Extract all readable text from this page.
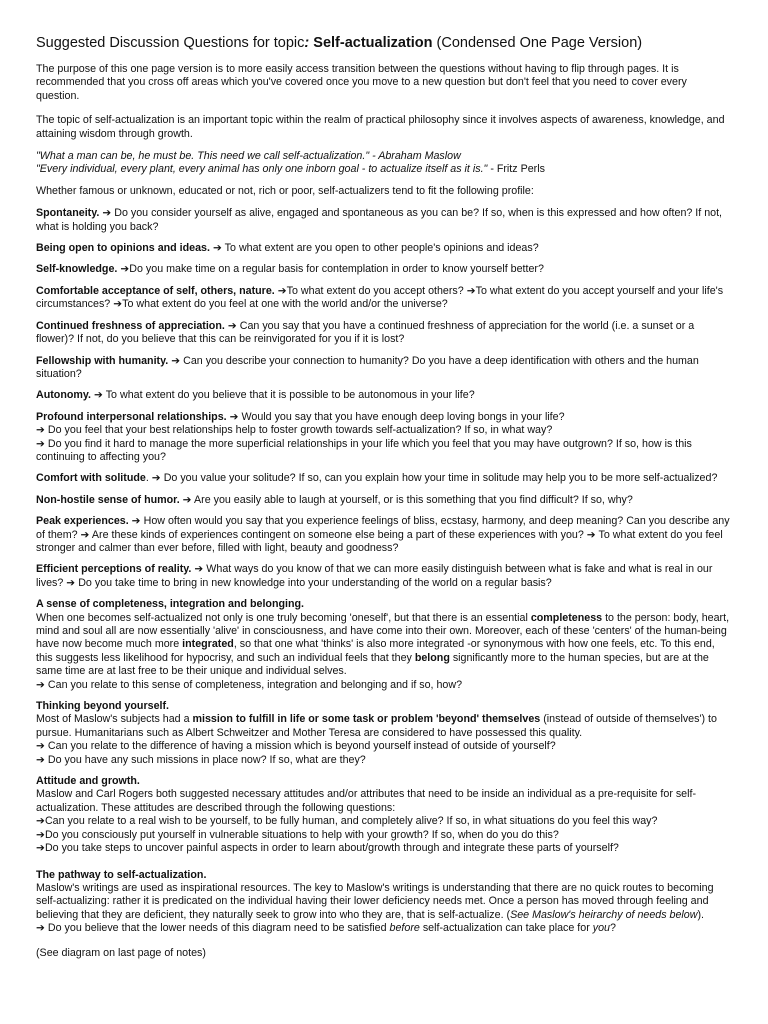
Suggested Discussion Questions for topic: Self-actualization (Condensed One Page Version)

The purpose of this one page version is to more easily access transition between the questions without having to flip through pages. It is recommended that you cross off areas which you've covered once you move to a new question but don't feel that you need to cover every question.

The topic of self-actualization is an important topic within the realm of practical philosophy since it involves aspects of awareness, knowledge, and attaining wisdom through growth.

"What a man can be, he must be. This need we call self-actualization." - Abraham Maslow

"Every individual, every plant, every animal has only one inborn goal - to actualize itself as it is." - Fritz Perls

Whether famous or unknown, educated or not, rich or poor, self-actualizers tend to fit the following profile:

Spontaneity. ➔ Do you consider yourself as alive, engaged and spontaneous as you can be? If so, when is this expressed and how often? If not, what is holding you back?

Being open to opinions and ideas. ➔ To what extent are you open to other people's opinions and ideas?

Self-knowledge. ➔Do you make time on a regular basis for contemplation in order to know yourself better?

Comfortable acceptance of self, others, nature. ➔To what extent do you accept others? ➔To what extent do you accept yourself and your life's circumstances? ➔To what extent do you feel at one with the world and/or the universe?

Continued freshness of appreciation. ➔ Can you say that you have a continued freshness of appreciation for the world (i.e. a sunset or a flower)? If not, do you believe that this can be reinvigorated for you if it is lost?

Fellowship with humanity. ➔ Can you describe your connection to humanity? Do you have a deep identification with others and the human situation?

Autonomy. ➔ To what extent do you believe that it is possible to be autonomous in your life?

Profound interpersonal relationships. ➔ Would you say that you have enough deep loving bongs in your life?
➔ Do you feel that your best relationships help to foster growth towards self-actualization? If so, in what way?
➔ Do you find it hard to manage the more superficial relationships in your life which you feel that you may have outgrown? If so, how is this continuing to affecting you?

Comfort with solitude. ➔ Do you value your solitude? If so, can you explain how your time in solitude may help you to be more self-actualized?

Non-hostile sense of humor. ➔ Are you easily able to laugh at yourself, or is this something that you find difficult? If so, why?

Peak experiences. ➔ How often would you say that you experience feelings of bliss, ecstasy, harmony, and deep meaning? Can you describe any of them? ➔ Are these kinds of experiences contingent on someone else being a part of these experiences with you? ➔ To what extent do you feel stronger and calmer than ever before, filled with light, beauty and goodness?

Efficient perceptions of reality. ➔ What ways do you know of that we can more easily distinguish between what is fake and what is real in our lives? ➔ Do you take time to bring in new knowledge into your understanding of the world on a regular basis?

A sense of completeness, integration and belonging.
When one becomes self-actualized not only is one truly becoming 'oneself', but that there is an essential completeness to the person: body, heart, mind and soul all are now essentially 'alive' in consciousness, and have come into their own. Moreover, each of these 'centers' of the human-being have now become much more integrated, so that one what 'thinks' is also more integrated -or synonymous with how one feels, etc. To this end, this suggests less likelihood for hypocrisy, and such an individual feels that they belong significantly more to the human species, but are at the same time are at last free to be their unique and individual selves.
➔ Can you relate to this sense of completeness, integration and belonging and if so, how?

Thinking beyond yourself.
Most of Maslow's subjects had a mission to fulfill in life or some task or problem 'beyond' themselves (instead of outside of themselves') to pursue. Humanitarians such as Albert Schweitzer and Mother Teresa are considered to have possessed this quality.
➔ Can you relate to the difference of having a mission which is beyond yourself instead of outside of yourself?
➔ Do you have any such missions in place now? If so, what are they?

Attitude and growth.
Maslow and Carl Rogers both suggested necessary attitudes and/or attributes that need to be inside an individual as a pre-requisite for self-actualization. These attitudes are described through the following questions:
➔Can you relate to a real wish to be yourself, to be fully human, and completely alive? If so, in what situations do you feel this way?
➔Do you consciously put yourself in vulnerable situations to help with your growth? If so, when do you do this?
➔Do you take steps to uncover painful aspects in order to learn about/growth through and integrate these parts of yourself?

The pathway to self-actualization.
Maslow's writings are used as inspirational resources. The key to Maslow's writings is understanding that there are no quick routes to becoming self-actualizing: rather it is predicated on the individual having their lower deficiency needs met. Once a person has moved through feeling and believing that they are deficient, they naturally seek to grow into who they are, that is self-actualize. (See Maslow's heirarchy of needs below).
➔ Do you believe that the lower needs of this diagram need to be satisfied before self-actualization can take place for you?

(See diagram on last page of notes)
